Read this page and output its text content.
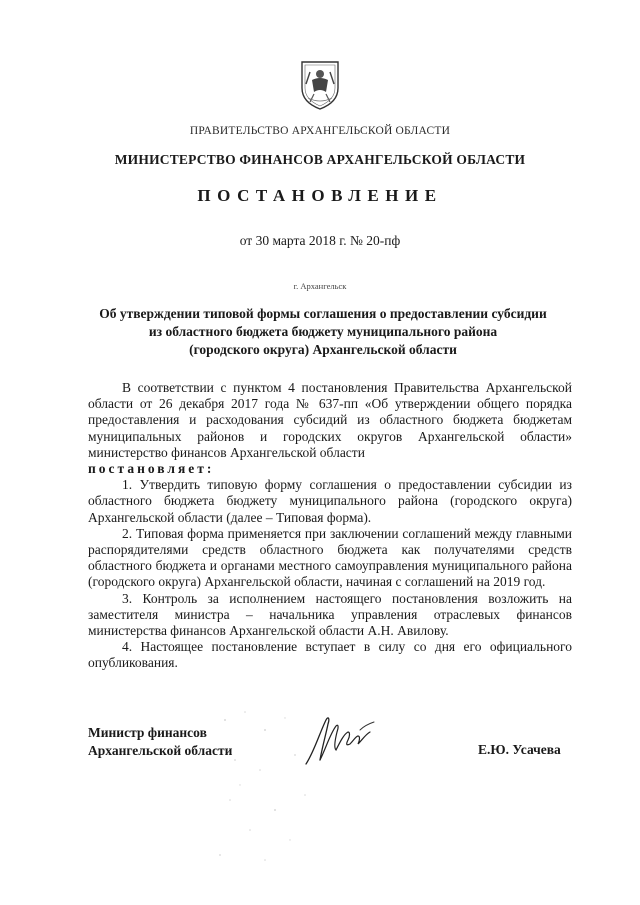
ПРАВИТЕЛЬСТВО АРХАНГЕЛЬСКОЙ ОБЛАСТИ
МИНИСТЕРСТВО ФИНАНСОВ АРХАНГЕЛЬСКОЙ ОБЛАСТИ
ПОСТАНОВЛЕНИЕ
от 30 марта 2018 г. № 20-пф
г. Архангельск
Об утверждении типовой формы соглашения о предоставлении субсидии
из областного бюджета бюджету муниципального района
(городского округа) Архангельской области

В соответствии с пунктом 4 постановления Правительства Архангельской области от 26 декабря 2017 года № 637-пп «Об утверждении общего порядка предоставления и расходования субсидий из областного бюджета бюджетам муниципальных районов и городских округов Архангельской области» министерство финансов Архангельской области

постановляет:

1. Утвердить типовую форму соглашения о предоставлении субсидии из областного бюджета бюджету муниципального района (городского округа) Архангельской области (далее – Типовая форма).

2. Типовая форма применяется при заключении соглашений между главными распорядителями средств областного бюджета как получателями средств областного бюджета и органами местного самоуправления муниципального района (городского округа) Архангельской области, начиная с соглашений на 2019 год.

3. Контроль за исполнением настоящего постановления возложить на заместителя министра – начальника управления отраслевых финансов министерства финансов Архангельской области А.Н. Авилову.

4. Настоящее постановление вступает в силу со дня его официального опубликования.

Министр финансов
Архангельской области	Е.Ю. Усачева
